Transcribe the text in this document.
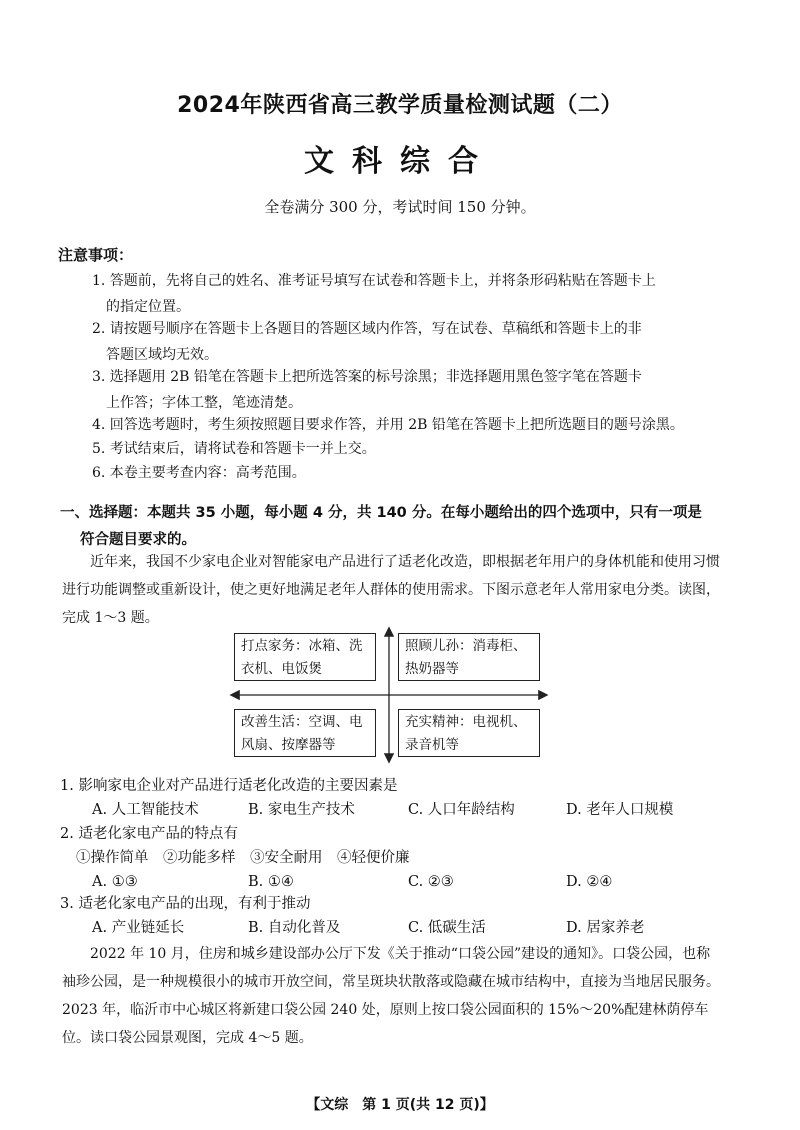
2024年陕西省高三教学质量检测试题（二）
文科综合
全卷满分 300 分，考试时间 150 分钟。
注意事项：
1. 答题前，先将自己的姓名、准考证号填写在试卷和答题卡上，并将条形码粘贴在答题卡上
的指定位置。
2. 请按题号顺序在答题卡上各题目的答题区域内作答，写在试卷、草稿纸和答题卡上的非
答题区域均无效。
3. 选择题用 2B 铅笔在答题卡上把所选答案的标号涂黑；非选择题用黑色签字笔在答题卡
上作答；字体工整，笔迹清楚。
4. 回答选考题时，考生须按照题目要求作答，并用 2B 铅笔在答题卡上把所选题目的题号涂黑。
5. 考试结束后，请将试卷和答题卡一并上交。
6. 本卷主要考查内容：高考范围。
一、选择题：本题共 35 小题，每小题 4 分，共 140 分。在每小题给出的四个选项中，只有一项是
符合题目要求的。
近年来，我国不少家电企业对智能家电产品进行了适老化改造，即根据老年用户的身体机能和使用习惯进行功能调整或重新设计，使之更好地满足老年人群体的使用需求。下图示意老年人常用家电分类。读图，完成 1～3 题。
打点家务：冰箱、洗衣机、电饭煲
照顾儿孙：消毒柜、热奶器等
改善生活：空调、电风扇、按摩器等
充实精神：电视机、录音机等
1. 影响家电企业对产品进行适老化改造的主要因素是
A. 人工智能技术	B. 家电生产技术	C. 人口年龄结构	D. 老年人口规模
2. 适老化家电产品的特点有
①操作简单　②功能多样　③安全耐用　④轻便价廉
A. ①③	B. ①④	C. ②③	D. ②④
3. 适老化家电产品的出现，有利于推动
A. 产业链延长	B. 自动化普及	C. 低碳生活	D. 居家养老
2022 年 10 月，住房和城乡建设部办公厅下发《关于推动“口袋公园”建设的通知》。口袋公园，也称袖珍公园，是一种规模很小的城市开放空间，常呈斑块状散落或隐藏在城市结构中，直接为当地居民服务。2023 年，临沂市中心城区将新建口袋公园 240 处，原则上按口袋公园面积的 15%～20%配建林荫停车位。读口袋公园景观图，完成 4～5 题。
【文综　第 1 页(共 12 页)】
